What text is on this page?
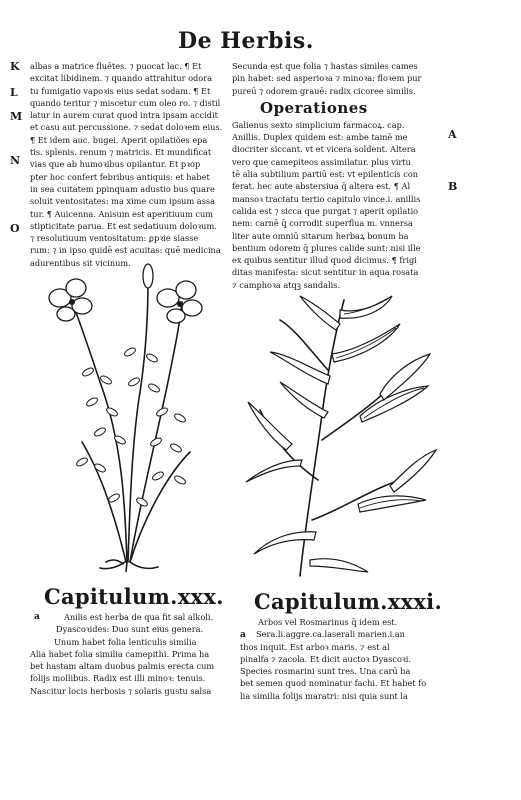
De Herbis.
K
L
M
N
O
A
B
albas a matrice fluētes. ⁊ puocat lac. ¶ Et
excitat libidinem. ⁊ quando attrahitur odora
tu fumigatio vapoꝛis eius sedat sodam. ¶ Et
quando teritur ⁊ miscetur cum oleo ro. ⁊ distil
latur in aurem curat quod intra ipsam accidit
et casu aut percussione. ⁊ sedat doloꝛem eius.
¶ Et idem auc. bugei. Aperit opilatiões epa
tis. splenis. renum ⁊ matricis. Et mundificat
vias que ab humoꝛibus opilantur. Et pꝛop
pter hoc confert febribus antiquis: et habet
in sea cuitatem ppinquam adustio bus quare
soluit ventositates: ma xime cum ipsum assa
tur. ¶ Auicenna. Anisum est aperitiuum cum
stipticitate parua. Et est sedatiuum doloꝛum.
⁊ resolutiuum ventositatum: ꝑpꝛie siasse
rum: ⁊ in ipso quidē est acuitas: quē medicina
adurentibus sit vicinum.
Secunda est que folia ⁊ hastas similes cames
pin habet: sed asperioꝛa ⁊ minoꝛa: floꝛem pur
pureū ⁊ odorem grauē: radix cicoree similis.
Operationes
Galienus sexto simplicium farmacoꝝ. cap.
Anillis. Duplex quidem est: ambe tamē me
diocriter siccant. vt et vicera soldent. Altera
vero que camepiteos assimilatur. plus virtu
tē alia subtilium partiū est: vt epilenticis con
ferat. hec aute abstersiua q̄ altera est. ¶ Al
mansoꝛ tractatu tertio capitulo vince.i. anillis
calida est ⁊ sicca que purgat ⁊ aperit opilatio
nem: carnē q̄ corrodit superflua m. vnnersa
liter aute omniū sitarum herbaꝝ bonum ha
bentium odorem q̄ plures calide sunt: nisi ille
ex quibus sentitur illud quod dicimus. ¶ frigi
ditas manifesta: sicut sentitur in aqua rosata
⁊ camphoꝛa atqꝫ sandalis.
a
Capitulum.xxx.
Anilis est herba de qua fit sal alkoli.
Dyascoꝛides: Duo sunt eius genera.
Unum habet folia lenticulis similia
Alia habet folia similia camepithi. Prima ha
bet hastam altam duobus palmis erecta cum
folijs mollibus. Radix est illi minoꝛ: tenuis.
Nascitur locis herbosis ⁊ solaris gustu salsa
a
Capitulum.xxxi.
Arbos vel Rosmarinus q̄ idem est.
Sera.li.aggre.ca.laserali marien.i.an
thos inquit. Est arboꝛ maris. ⁊ est al
pinalfa ⁊ zacola. Et dicit auctoꝛ Dyascoꝛi.
Species rosmarini sunt tres. Una carū ha
bet semen quod nominatur fachi. Et habet fo
lia similia folijs maratri: nisi quia sunt la
